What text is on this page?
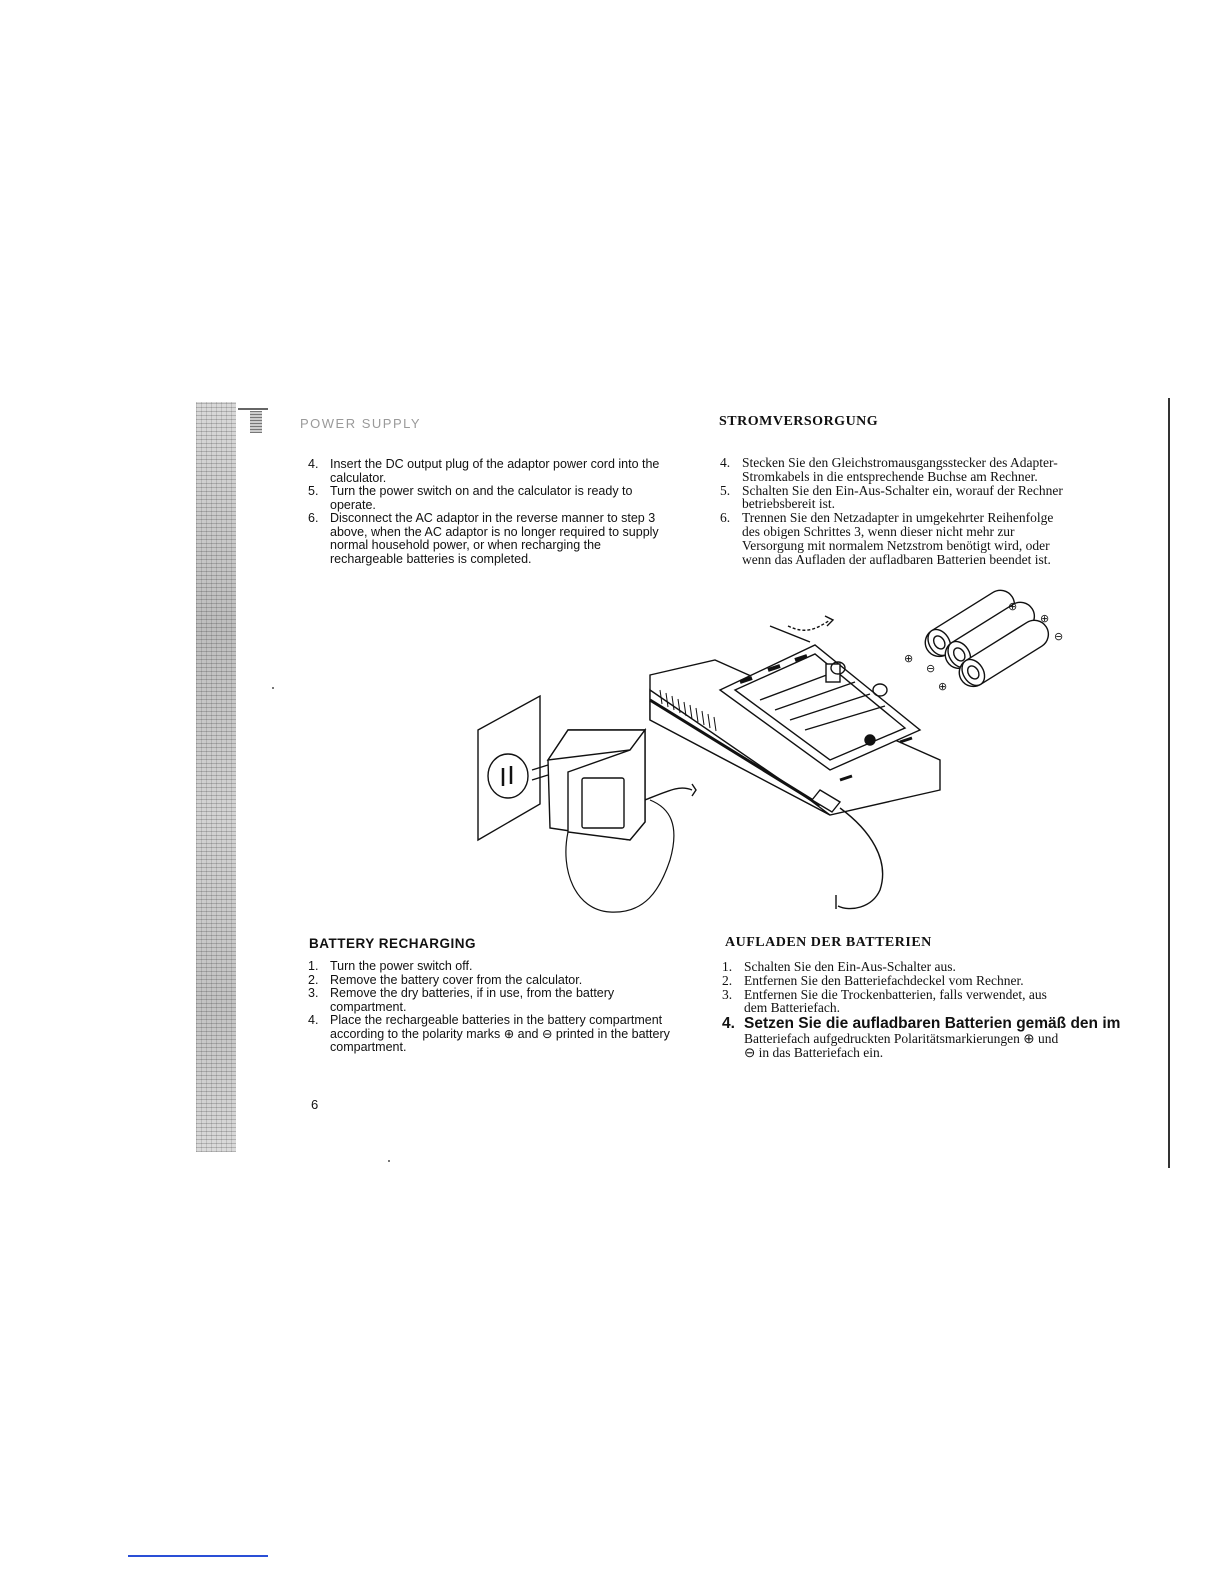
POWER SUPPLY	STROMVERSORGUNG
4. Insert the DC output plug of the adaptor power cord into the calculator.
5. Turn the power switch on and the calculator is ready to operate.
6. Disconnect the AC adaptor in the reverse manner to step 3 above, when the AC adaptor is no longer required to supply normal household power, or when recharging the rechargeable batteries is completed.
4. Stecken Sie den Gleichstromausgangsstecker des Adapter-Stromkabels in die entsprechende Buchse am Rechner.
5. Schalten Sie den Ein-Aus-Schalter ein, worauf der Rechner betriebsbereit ist.
6. Trennen Sie den Netzadapter in umgekehrter Reihenfolge des obigen Schrittes 3, wenn dieser nicht mehr zur Versorgung mit normalem Netzstrom benötigt wird, oder wenn das Aufladen der aufladbaren Batterien beendet ist.
⊕
⊕
⊖
⊕
⊖
⊕
BATTERY RECHARGING	AUFLADEN DER BATTERIEN
1. Turn the power switch off.
2. Remove the battery cover from the calculator.
3. Remove the dry batteries, if in use, from the battery compartment.
4. Place the rechargeable batteries in the battery compartment according to the polarity marks ⊕ and ⊖ printed in the battery compartment.
1. Schalten Sie den Ein-Aus-Schalter aus.
2. Entfernen Sie den Batteriefachdeckel vom Rechner.
3. Entfernen Sie die Trockenbatterien, falls verwendet, aus dem Batteriefach.
4. Setzen Sie die aufladbaren Batterien gemäß den im
Batteriefach aufgedruckten Polaritätsmarkierungen ⊕ und ⊖ in das Batteriefach ein.
6
